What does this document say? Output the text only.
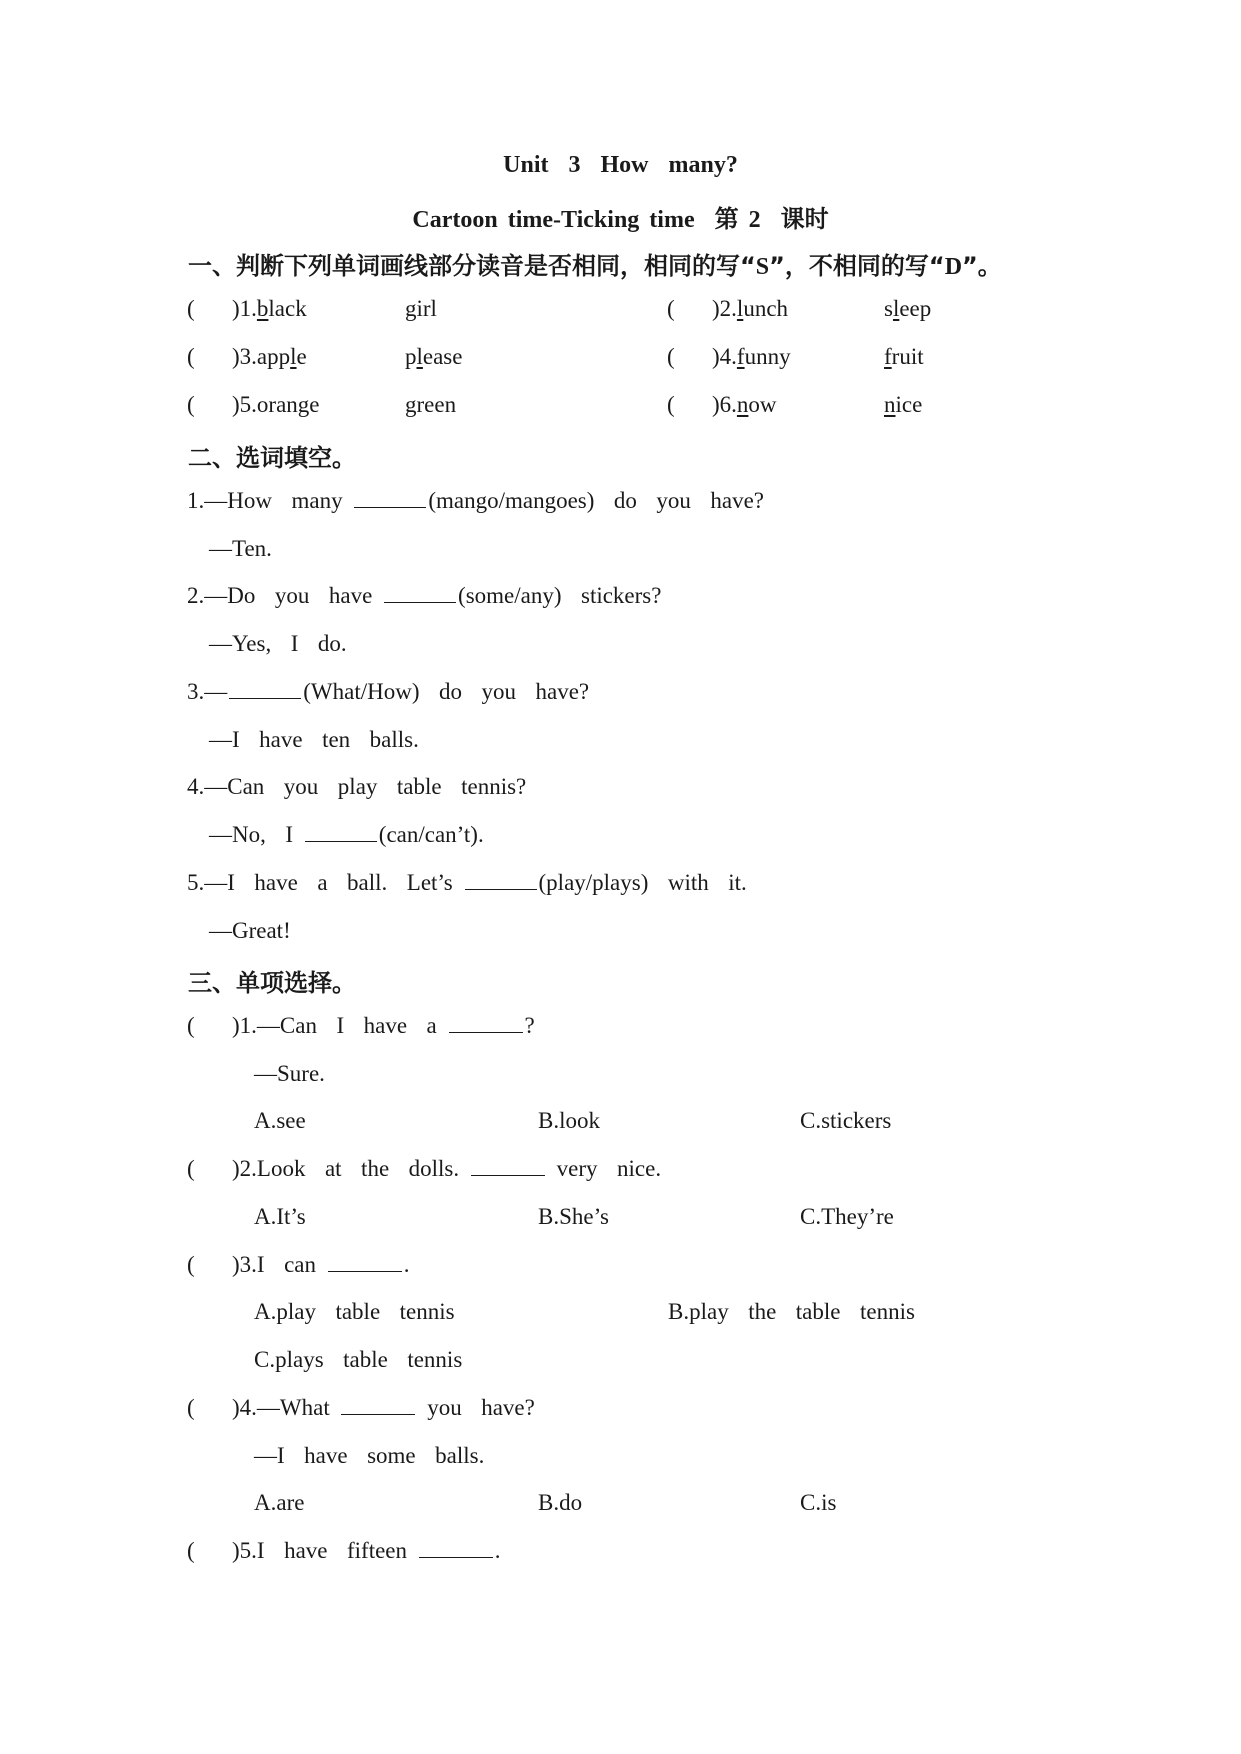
Unit  3  How  many?
Cartoon time-Ticking time  第 2  课时
一、判断下列单词画线部分读音是否相同，相同的写“S”，不相同的写“D”。
( )1.black	girl	( )2.lunch	sleep
( )3.apple	please	( )4.funny	fruit
( )5.orange	green	( )6.now	nice
二、选词填空。
1.—How  many	(mango/mangoes)  do  you  have?
—Ten.
2.—Do  you  have	(some/any)  stickers?
—Yes,  I  do.
3.—	(What/How)  do  you  have?
—I  have  ten  balls.
4.—Can  you  play  table  tennis?
—No,  I	(can/can’t).
5.—I  have  a  ball.  Let’s	(play/plays)  with  it.
—Great!
三、单项选择。
( )1.—Can  I  have  a	?
—Sure.
A.see	B.look	C.stickers
( )2.Look  at  the  dolls.	very  nice.
A.It’s	B.She’s	C.They’re
( )3.I  can	.
A.play  table  tennis	B.play  the  table  tennis
C.plays  table  tennis
( )4.—What	you  have?
—I  have  some  balls.
A.are	B.do	C.is
( )5.I  have  fifteen	.
